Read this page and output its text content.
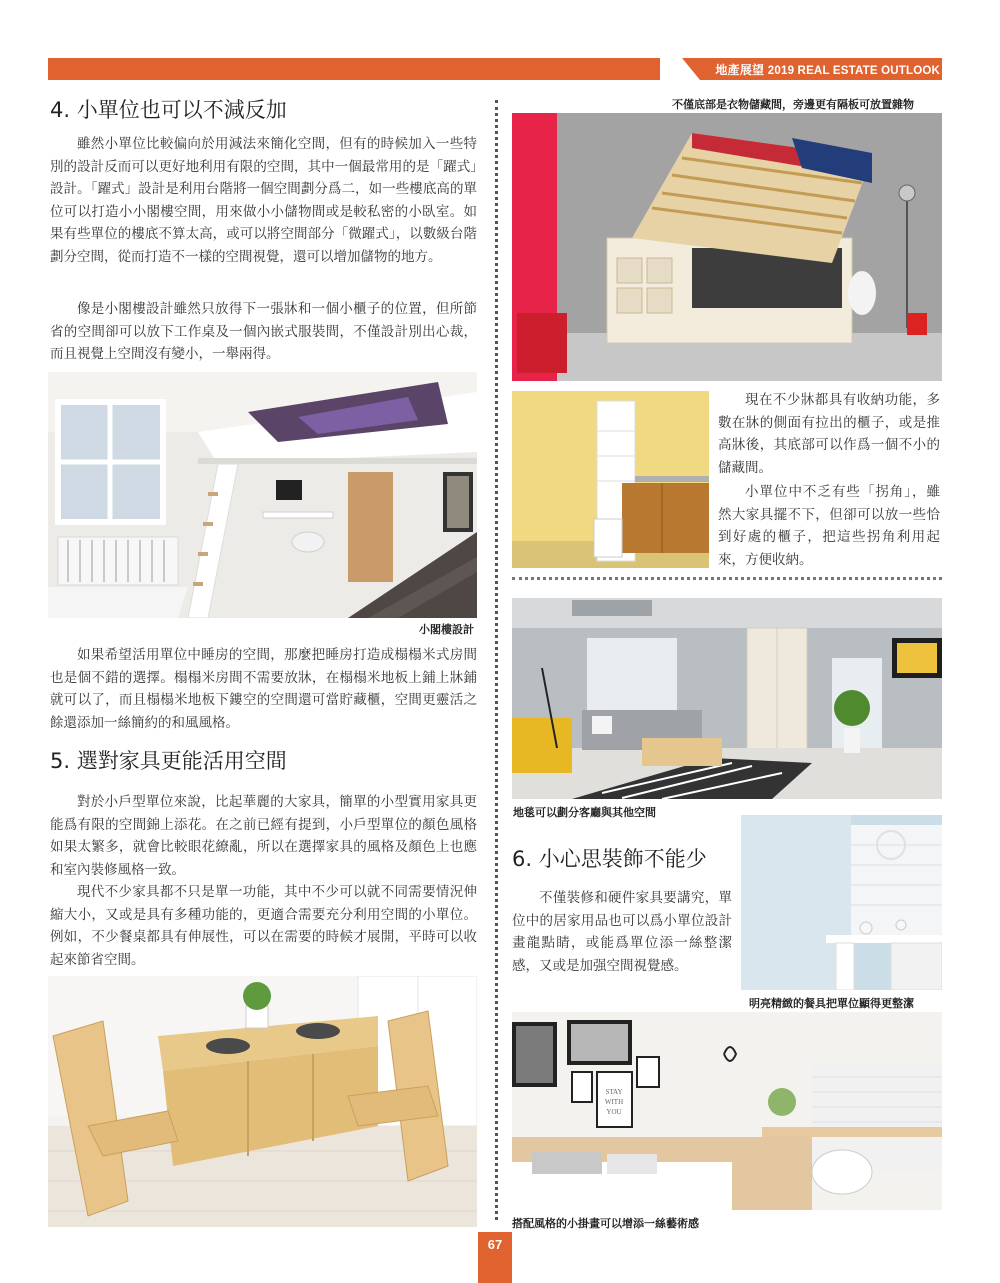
地產展望 2019 REAL ESTATE OUTLOOK
4. 小單位也可以不減反加

雖然小單位比較偏向於用減法來簡化空間，但有的時候加入一些特別的設計反而可以更好地利用有限的空間，其中一個最常用的是「躍式」設計。「躍式」設計是利用台階將一個空間劃分爲二，如一些樓底高的單位可以打造小小閣樓空間，用來做小小儲物間或是較私密的小臥室。如果有些單位的樓底不算太高，或可以將空間部分「微躍式」，以數級台階劃分空間，從而打造不一樣的空間視覺，還可以增加儲物的地方。

像是小閣樓設計雖然只放得下一張牀和一個小櫃子的位置，但所節省的空間卻可以放下工作桌及一個內嵌式服裝間，不僅設計別出心裁，而且視覺上空間沒有變小，一舉兩得。

小閣樓設計

如果希望活用單位中睡房的空間，那麼把睡房打造成榻榻米式房間也是個不錯的選擇。榻榻米房間不需要放牀，在榻榻米地板上鋪上牀鋪就可以了，而且榻榻米地板下鏤空的空間還可當貯藏櫃，空間更靈活之餘還添加一絲簡約的和風風格。

5. 選對家具更能活用空間

對於小戶型單位來說，比起華麗的大家具，簡單的小型實用家具更能爲有限的空間錦上添花。在之前已經有提到，小戶型單位的顏色風格如果太繁多，就會比較眼花繚亂，所以在選擇家具的風格及顏色上也應和室內裝修風格一致。

現代不少家具都不只是單一功能，其中不少可以就不同需要情況伸縮大小，又或是具有多種功能的，更適合需要充分利用空間的小單位。例如，不少餐桌都具有伸展性，可以在需要的時候才展開，平時可以收起來節省空間。

不僅底部是衣物儲藏間，旁邊更有隔板可放置雜物

現在不少牀都具有收納功能，多數在牀的側面有拉出的櫃子，或是推高牀後，其底部可以作爲一個不小的儲藏間。

小單位中不乏有些「拐角」，雖然大家具擺不下，但卻可以放一些恰到好處的櫃子，把這些拐角利用起來，方便收納。

地毯可以劃分客廳與其他空間
6. 小心思裝飾不能少

不僅裝修和硬件家具要講究，單位中的居家用品也可以爲小單位設計畫龍點睛，或能爲單位添一絲整潔感，又或是加强空間視覺感。

明亮精緻的餐具把單位顯得更整潔
STAY
WITH
YOU
搭配風格的小掛畫可以增添一絲藝術感
67
